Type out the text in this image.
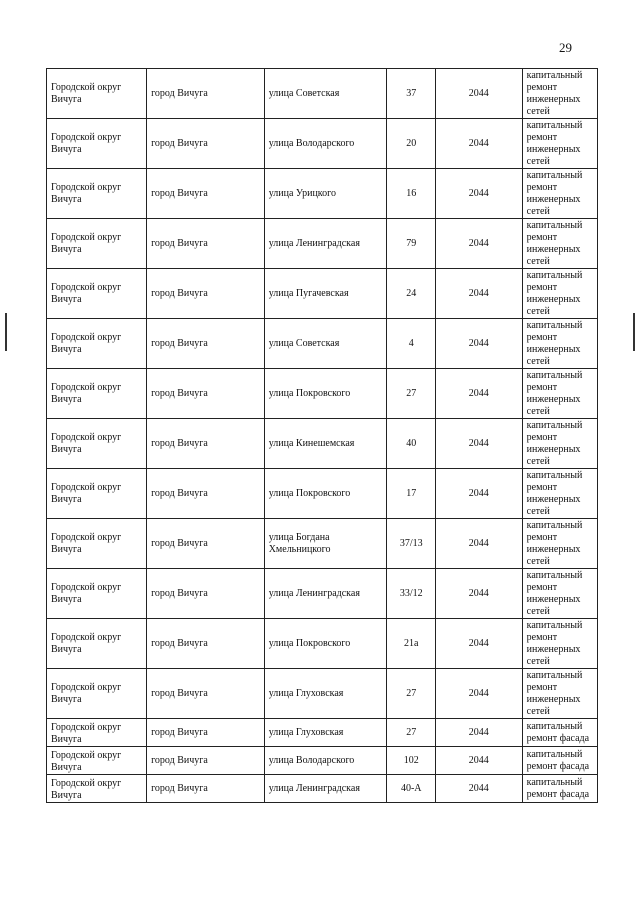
29
Городской округ Вичуга	город Вичуга	улица Советская	37	2044	капитальный ремонт инженерных сетей
Городской округ Вичуга	город Вичуга	улица Володарского	20	2044	капитальный ремонт инженерных сетей
Городской округ Вичуга	город Вичуга	улица Урицкого	16	2044	капитальный ремонт инженерных сетей
Городской округ Вичуга	город Вичуга	улица Ленинградская	79	2044	капитальный ремонт инженерных сетей
Городской округ Вичуга	город Вичуга	улица Пугачевская	24	2044	капитальный ремонт инженерных сетей
Городской округ Вичуга	город Вичуга	улица Советская	4	2044	капитальный ремонт инженерных сетей
Городской округ Вичуга	город Вичуга	улица Покровского	27	2044	капитальный ремонт инженерных сетей
Городской округ Вичуга	город Вичуга	улица Кинешемская	40	2044	капитальный ремонт инженерных сетей
Городской округ Вичуга	город Вичуга	улица Покровского	17	2044	капитальный ремонт инженерных сетей
Городской округ Вичуга	город Вичуга	улица Богдана Хмельницкого	37/13	2044	капитальный ремонт инженерных сетей
Городской округ Вичуга	город Вичуга	улица Ленинградская	33/12	2044	капитальный ремонт инженерных сетей
Городской округ Вичуга	город Вичуга	улица Покровского	21а	2044	капитальный ремонт инженерных сетей
Городской округ Вичуга	город Вичуга	улица Глуховская	27	2044	капитальный ремонт инженерных сетей
Городской округ Вичуга	город Вичуга	улица Глуховская	27	2044	капитальный ремонт фасада
Городской округ Вичуга	город Вичуга	улица Володарского	102	2044	капитальный ремонт фасада
Городской округ Вичуга	город Вичуга	улица Ленинградская	40-А	2044	капитальный ремонт фасада
